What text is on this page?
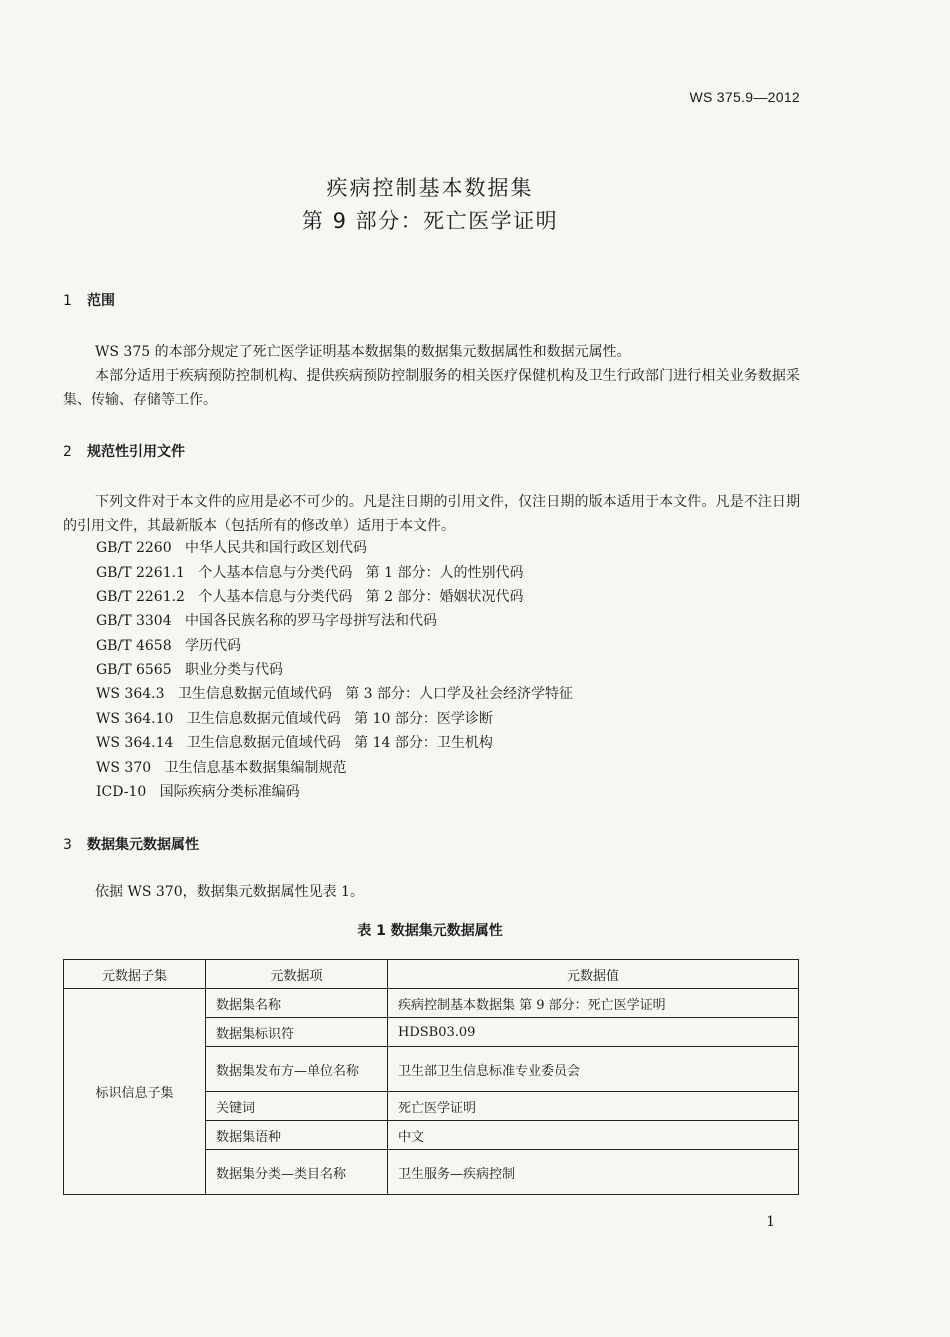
WS 375.9—2012
疾病控制基本数据集
第 9 部分：死亡医学证明
1 范围
WS 375 的本部分规定了死亡医学证明基本数据集的数据集元数据属性和数据元属性。
本部分适用于疾病预防控制机构、提供疾病预防控制服务的相关医疗保健机构及卫生行政部门进行相关业务数据采集、传输、存储等工作。
2 规范性引用文件
下列文件对于本文件的应用是必不可少的。凡是注日期的引用文件，仅注日期的版本适用于本文件。凡是不注日期的引用文件，其最新版本（包括所有的修改单）适用于本文件。
GB/T 2260   中华人民共和国行政区划代码
GB/T 2261.1   个人基本信息与分类代码   第 1 部分：人的性别代码
GB/T 2261.2   个人基本信息与分类代码   第 2 部分：婚姻状况代码
GB/T 3304   中国各民族名称的罗马字母拼写法和代码
GB/T 4658   学历代码
GB/T 6565   职业分类与代码
WS 364.3   卫生信息数据元值域代码   第 3 部分：人口学及社会经济学特征
WS 364.10   卫生信息数据元值域代码   第 10 部分：医学诊断
WS 364.14   卫生信息数据元值域代码   第 14 部分：卫生机构
WS 370   卫生信息基本数据集编制规范
ICD-10   国际疾病分类标准编码
3 数据集元数据属性
依据 WS 370，数据集元数据属性见表 1。
表 1 数据集元数据属性
元数据子集	元数据项	元数据值
标识信息子集	数据集名称	疾病控制基本数据集 第 9 部分：死亡医学证明
	数据集标识符	HDSB03.09
	数据集发布方—单位名称	卫生部卫生信息标准专业委员会
	关键词	死亡医学证明
	数据集语种	中文
	数据集分类—类目名称	卫生服务—疾病控制
1
